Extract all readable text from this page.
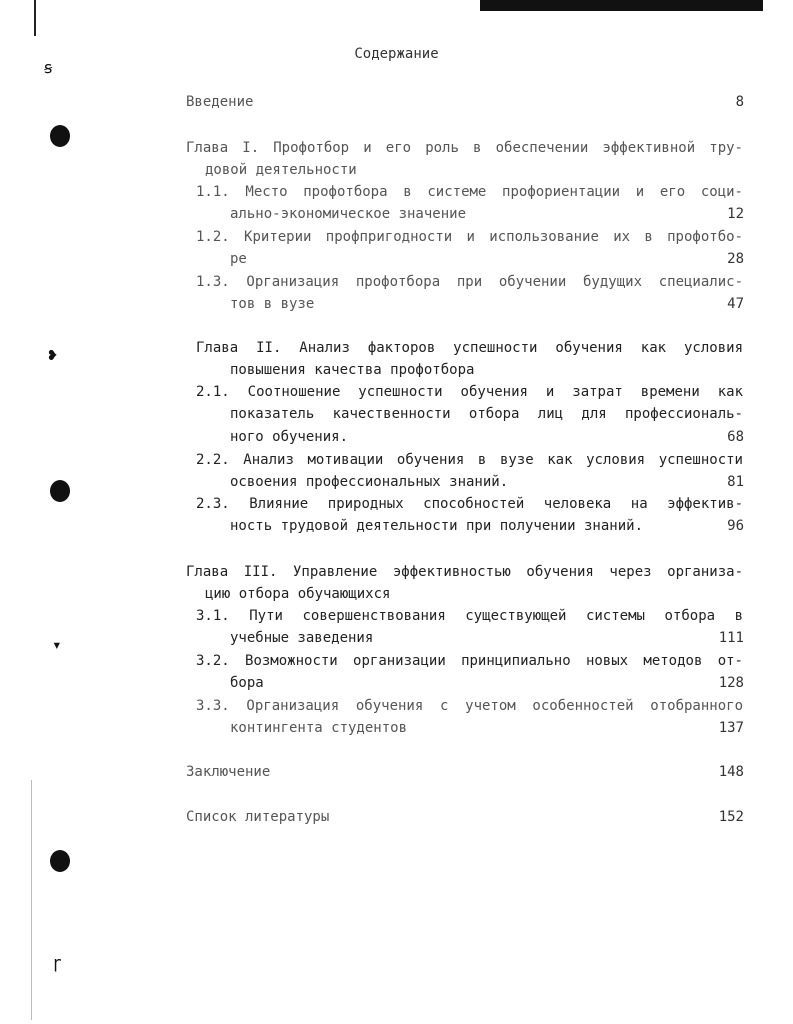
ꞩ
❥
▾
ɼ
Содержание
Введение	8
Глава I. Профотбор и его роль в обеспечении эффективной тру-
довой деятельности
1.1. Место профотбора в системе профориентации и его соци-
ально-экономическое значение	12
1.2. Критерии профпригодности и использование их в профотбо-
ре	28
1.3. Организация профотбора при обучении будущих специалис-
тов в вузе	47
Глава II. Анализ факторов успешности обучения как условия
повышения качества профотбора
2.1. Соотношение успешности обучения и затрат времени как
показатель качественности отбора лиц для профессиональ-
ного обучения.	68
2.2. Анализ мотивации обучения в вузе как условия успешности
освоения профессиональных знаний.	81
2.3. Влияние природных способностей человека на эффектив-
ность трудовой деятельности при получении знаний.	96
Глава III. Управление эффективностью обучения через организа-
цию отбора обучающихся
3.1. Пути совершенствования существующей системы отбора в
учебные заведения	111
3.2. Возможности организации принципиально новых методов от-
бора	128
3.3. Организация обучения с учетом особенностей отобранного
контингента студентов	137
Заключение	148
Список литературы	152
